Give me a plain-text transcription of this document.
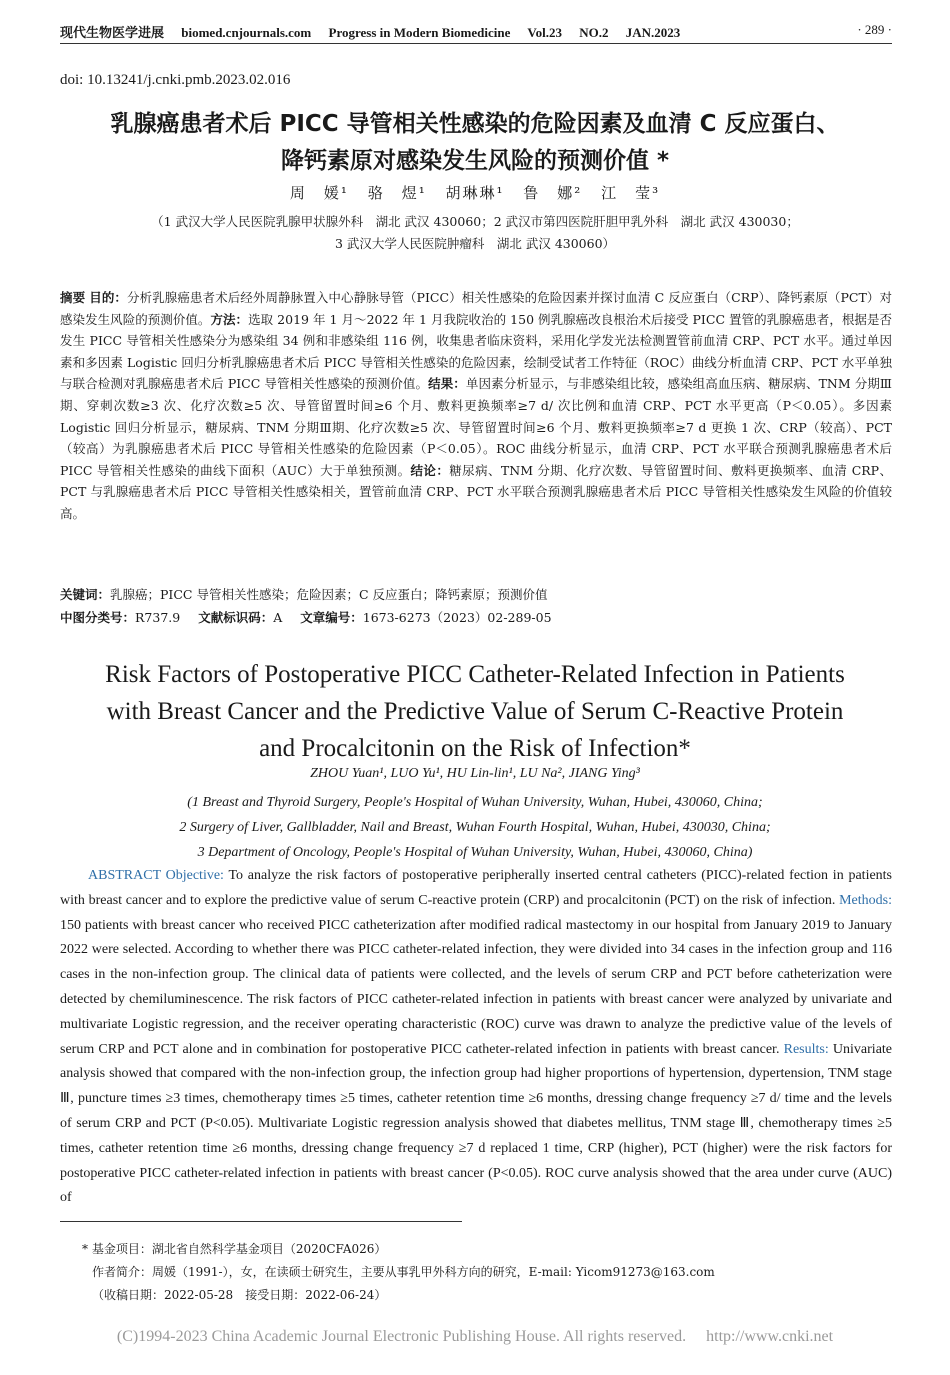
现代生物医学进展 biomed.cnjournals.com Progress in Modern Biomedicine Vol.23 NO.2 JAN.2023	· 289 ·
doi: 10.13241/j.cnki.pmb.2023.02.016
乳腺癌患者术后 PICC 导管相关性感染的危险因素及血清 C 反应蛋白、
降钙素原对感染发生风险的预测价值 *
周　媛¹ 骆　煜¹ 胡琳琳¹ 鲁　娜² 江　莹³
（1 武汉大学人民医院乳腺甲状腺外科　湖北 武汉 430060；2 武汉市第四医院肝胆甲乳外科　湖北 武汉 430030；
3 武汉大学人民医院肿瘤科　湖北 武汉 430060）
摘要 目的：分析乳腺癌患者术后经外周静脉置入中心静脉导管（PICC）相关性感染的危险因素并探讨血清 C 反应蛋白（CRP）、降钙素原（PCT）对感染发生风险的预测价值。方法：选取 2019 年 1 月～2022 年 1 月我院收治的 150 例乳腺癌改良根治术后接受 PICC 置管的乳腺癌患者，根据是否发生 PICC 导管相关性感染分为感染组 34 例和非感染组 116 例，收集患者临床资料，采用化学发光法检测置管前血清 CRP、PCT 水平。通过单因素和多因素 Logistic 回归分析乳腺癌患者术后 PICC 导管相关性感染的危险因素，绘制受试者工作特征（ROC）曲线分析血清 CRP、PCT 水平单独与联合检测对乳腺癌患者术后 PICC 导管相关性感染的预测价值。结果：单因素分析显示，与非感染组比较，感染组高血压病、糖尿病、TNM 分期Ⅲ期、穿刺次数≥3 次、化疗次数≥5 次、导管留置时间≥6 个月、敷料更换频率≥7 d/ 次比例和血清 CRP、PCT 水平更高（P＜0.05）。多因素 Logistic 回归分析显示，糖尿病、TNM 分期Ⅲ期、化疗次数≥5 次、导管留置时间≥6 个月、敷料更换频率≥7 d 更换 1 次、CRP（较高）、PCT（较高）为乳腺癌患者术后 PICC 导管相关性感染的危险因素（P＜0.05）。ROC 曲线分析显示，血清 CRP、PCT 水平联合预测乳腺癌患者术后 PICC 导管相关性感染的曲线下面积（AUC）大于单独预测。结论：糖尿病、TNM 分期、化疗次数、导管留置时间、敷料更换频率、血清 CRP、PCT 与乳腺癌患者术后 PICC 导管相关性感染相关，置管前血清 CRP、PCT 水平联合预测乳腺癌患者术后 PICC 导管相关性感染发生风险的价值较高。
关键词：乳腺癌；PICC 导管相关性感染；危险因素；C 反应蛋白；降钙素原；预测价值
中图分类号：R737.9 文献标识码：A 文章编号：1673-6273（2023）02-289-05
Risk Factors of Postoperative PICC Catheter-Related Infection in Patients
with Breast Cancer and the Predictive Value of Serum C-Reactive Protein
and Procalcitonin on the Risk of Infection*
ZHOU Yuan¹, LUO Yu¹, HU Lin-lin¹, LU Na², JIANG Ying³
(1 Breast and Thyroid Surgery, People's Hospital of Wuhan University, Wuhan, Hubei, 430060, China;
2 Surgery of Liver, Gallbladder, Nail and Breast, Wuhan Fourth Hospital, Wuhan, Hubei, 430030, China;
3 Department of Oncology, People's Hospital of Wuhan University, Wuhan, Hubei, 430060, China)
ABSTRACT Objective: To analyze the risk factors of postoperative peripherally inserted central catheters (PICC)-related fection in patients with breast cancer and to explore the predictive value of serum C-reactive protein (CRP) and procalcitonin (PCT) on the risk of infection. Methods: 150 patients with breast cancer who received PICC catheterization after modified radical mastectomy in our hospital from January 2019 to January 2022 were selected. According to whether there was PICC catheter-related infection, they were divided into 34 cases in the infection group and 116 cases in the non-infection group. The clinical data of patients were collected, and the levels of serum CRP and PCT before catheterization were detected by chemiluminescence. The risk factors of PICC catheter-related infection in patients with breast cancer were analyzed by univariate and multivariate Logistic regression, and the receiver operating characteristic (ROC) curve was drawn to analyze the predictive value of the levels of serum CRP and PCT alone and in combination for postoperative PICC catheter-related infection in patients with breast cancer. Results: Univariate analysis showed that compared with the non-infection group, the infection group had higher proportions of hypertension, dypertension, TNM stage Ⅲ, puncture times ≥3 times, chemotherapy times ≥5 times, catheter retention time ≥6 months, dressing change frequency ≥7 d/ time and the levels of serum CRP and PCT (P<0.05). Multivariate Logistic regression analysis showed that diabetes mellitus, TNM stage Ⅲ, chemotherapy times ≥5 times, catheter retention time ≥6 months, dressing change frequency ≥7 d replaced 1 time, CRP (higher), PCT (higher) were the risk factors for postoperative PICC catheter-related infection in patients with breast cancer (P<0.05). ROC curve analysis showed that the area under curve (AUC) of
* 基金项目：湖北省自然科学基金项目（2020CFA026）
作者简介：周媛（1991-），女，在读硕士研究生，主要从事乳甲外科方向的研究，E-mail: Yicom91273@163.com
（收稿日期：2022-05-28　接受日期：2022-06-24）
(C)1994-2023 China Academic Journal Electronic Publishing House. All rights reserved.　 http://www.cnki.net
